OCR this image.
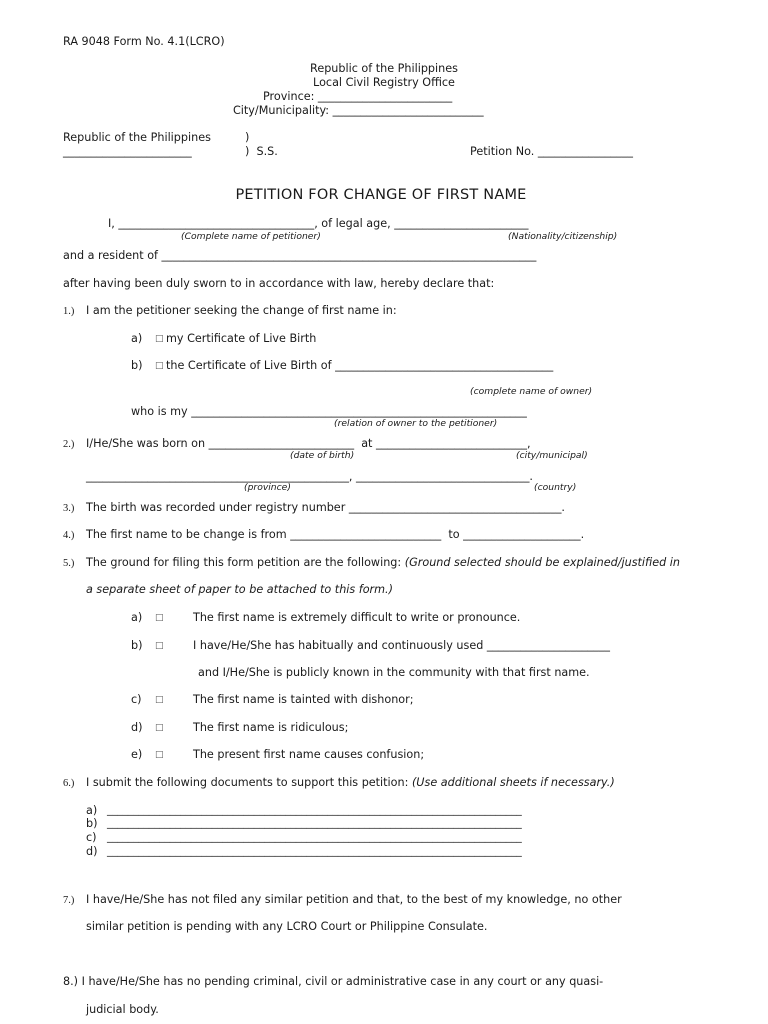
RA 9048 Form No. 4.1(LCRO)
Republic of the Philippines
Local Civil Registry Office
Province: ________________________
City/Municipality: ___________________________
Republic of the Philippines	)
_______________________	)  S.S.	Petition No. _________________
PETITION FOR CHANGE OF FIRST NAME
I, ___________________________________, of legal age, ________________________
(Complete name of petitioner)	(Nationality/citizenship)
and a resident of ___________________________________________________________________
after having been duly sworn to in accordance with law, hereby declare that:
1.) I am the petitioner seeking the change of first name in:
a) □ my Certificate of Live Birth
b) □ the Certificate of Live Birth of _______________________________________
(complete name of owner)
who is my ____________________________________________________________
(relation of owner to the petitioner)
2.) I/He/She was born on __________________________  at ___________________________,
(date of birth)	(city/municipal)
_______________________________________________, _______________________________.
(province)	(country)
3.) The birth was recorded under registry number ______________________________________.
4.) The first name to be change is from ___________________________  to _____________________.
5.) The ground for filing this form petition are the following: (Ground selected should be explained/justified in
a separate sheet of paper to be attached to this form.)
a) □	The first name is extremely difficult to write or pronounce.
b) □	I have/He/She has habitually and continuously used ______________________
and I/He/She is publicly known in the community with that first name.
c) □	The first name is tainted with dishonor;
d) □	The first name is ridiculous;
e) □	The present first name causes confusion;
6.) I submit the following documents to support this petition: (Use additional sheets if necessary.)
a) _______________________________________________________________________________
b) _______________________________________________________________________________
c) _______________________________________________________________________________
d) _______________________________________________________________________________
7.) I have/He/She has not filed any similar petition and that, to the best of my knowledge, no other
similar petition is pending with any LCRO Court or Philippine Consulate.
8.) I have/He/She has no pending criminal, civil or administrative case in any court or any quasi-
judicial body.
